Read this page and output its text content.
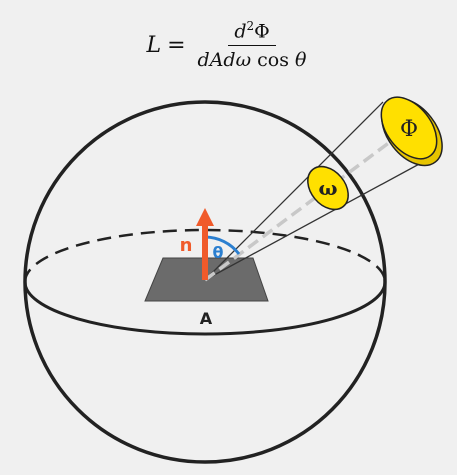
$L = \frac{d^2\Phi}{\text{dAdω cos θ}}$
n θ
A
ω
Φ
